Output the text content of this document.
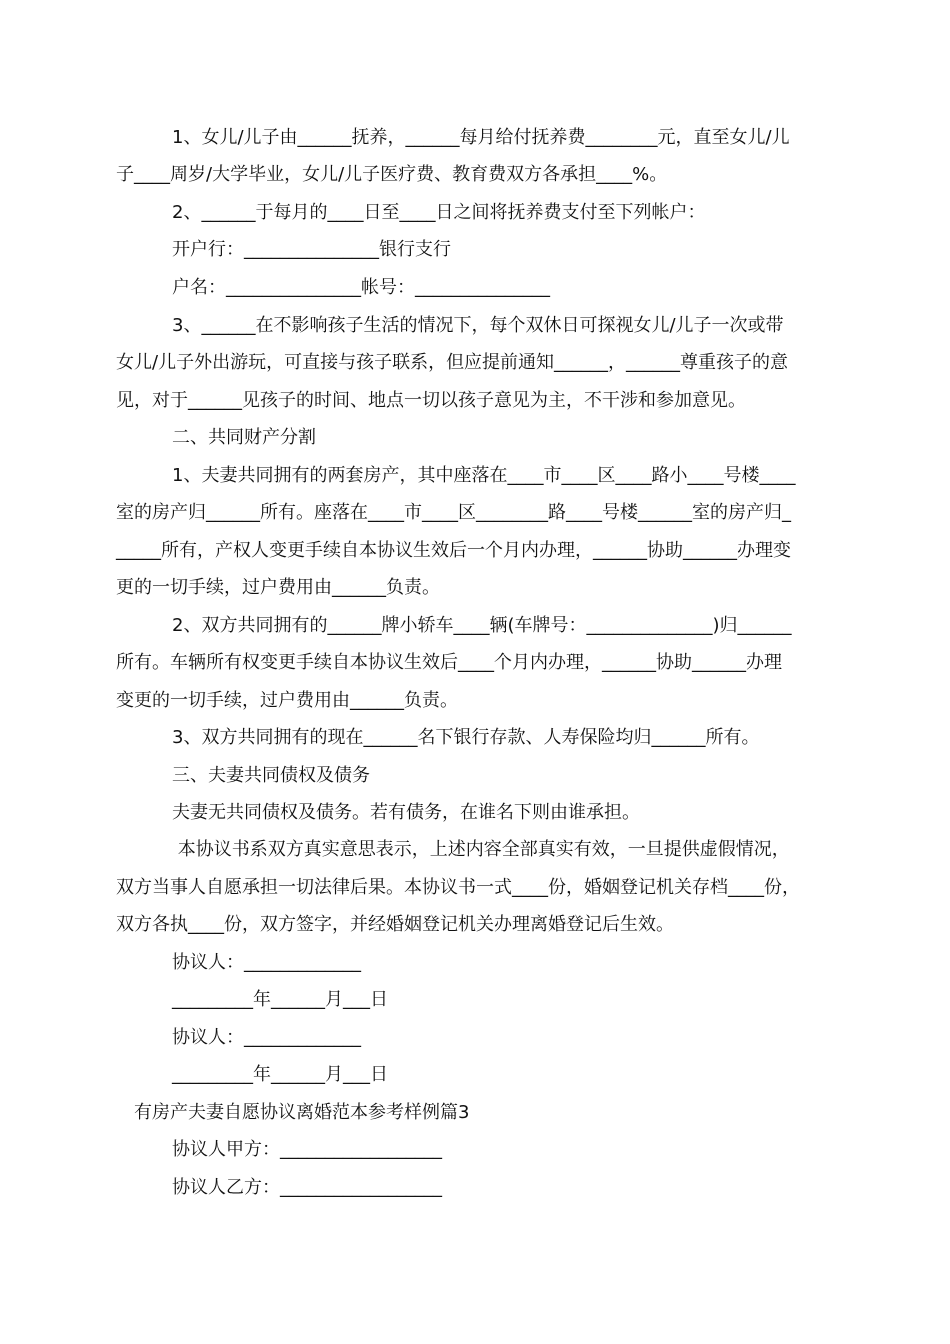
1、女儿/儿子由______抚养，______每月给付抚养费________元，直至女儿/儿
子____周岁/大学毕业，女儿/儿子医疗费、教育费双方各承担____%。
2、______于每月的____日至____日之间将抚养费支付至下列帐户：
开户行：_______________银行支行
户名：_______________帐号：_______________
3、______在不影响孩子生活的情况下，每个双休日可探视女儿/儿子一次或带
女儿/儿子外出游玩，可直接与孩子联系，但应提前通知______，______尊重孩子的意
见，对于______见孩子的时间、地点一切以孩子意见为主，不干涉和参加意见。
二、共同财产分割
1、夫妻共同拥有的两套房产，其中座落在____市____区____路小____号楼____
室的房产归______所有。座落在____市____区________路____号楼______室的房产归_
_____所有，产权人变更手续自本协议生效后一个月内办理，______协助______办理变
更的一切手续，过户费用由______负责。
2、双方共同拥有的______牌小轿车____辆(车牌号：______________)归______
所有。车辆所有权变更手续自本协议生效后____个月内办理，______协助______办理
变更的一切手续，过户费用由______负责。
3、双方共同拥有的现在______名下银行存款、人寿保险均归______所有。
三、夫妻共同债权及债务
夫妻无共同债权及债务。若有债务，在谁名下则由谁承担。
本协议书系双方真实意思表示，上述内容全部真实有效，一旦提供虚假情况，
双方当事人自愿承担一切法律后果。本协议书一式____份，婚姻登记机关存档____份，
双方各执____份，双方签字，并经婚姻登记机关办理离婚登记后生效。
协议人：_____________
_________年______月___日
协议人：_____________
_________年______月___日
有房产夫妻自愿协议离婚范本参考样例篇3
协议人甲方：__________________
协议人乙方：__________________
